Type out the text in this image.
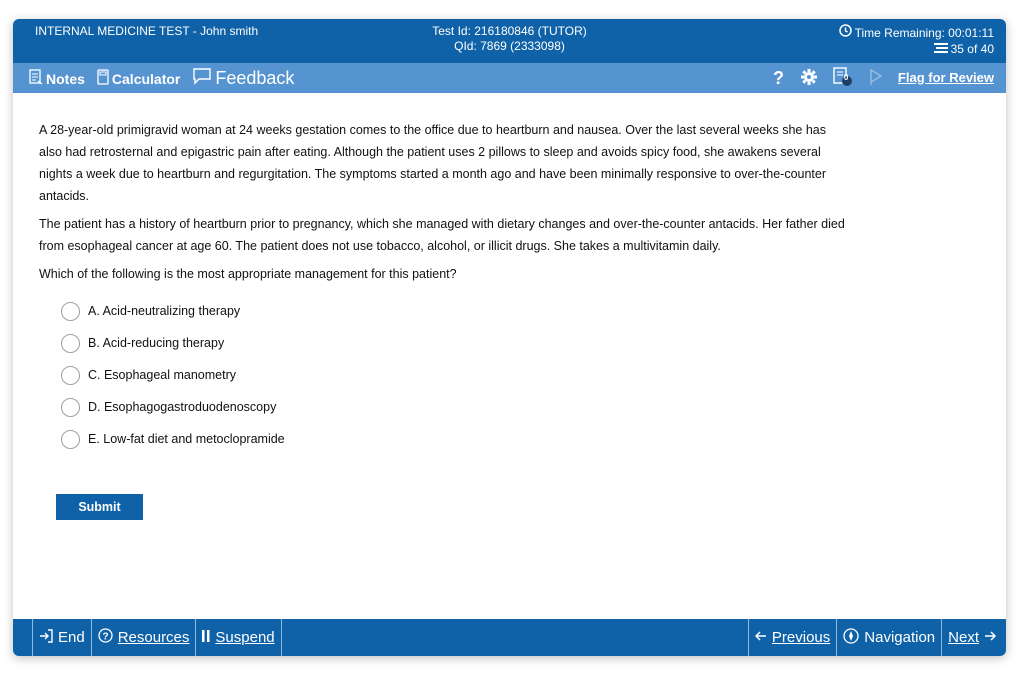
INTERNAL MEDICINE TEST - John smith	Test Id: 216180846 (TUTOR)
QId: 7869 (2333098)
Time Remaining: 00:01:11
35 of 40
Notes Calculator Feedback	?	0	Flag for Review

A 28-year-old primigravid woman at 24 weeks gestation comes to the office due to heartburn and nausea. Over the last several weeks she has also had retrosternal and epigastric pain after eating. Although the patient uses 2 pillows to sleep and avoids spicy food, she awakens several nights a week due to heartburn and regurgitation. The symptoms started a month ago and have been minimally responsive to over-the-counter antacids.

The patient has a history of heartburn prior to pregnancy, which she managed with dietary changes and over-the-counter antacids. Her father died from esophageal cancer at age 60. The patient does not use tobacco, alcohol, or illicit drugs. She takes a multivitamin daily.

Which of the following is the most appropriate management for this patient?

A. Acid-neutralizing therapy
B. Acid-reducing therapy
C. Esophageal manometry
D. Esophagogastroduodenoscopy
E. Low-fat diet and metoclopramide
Submit
End ? Resources Suspend	Previous Navigation Next
